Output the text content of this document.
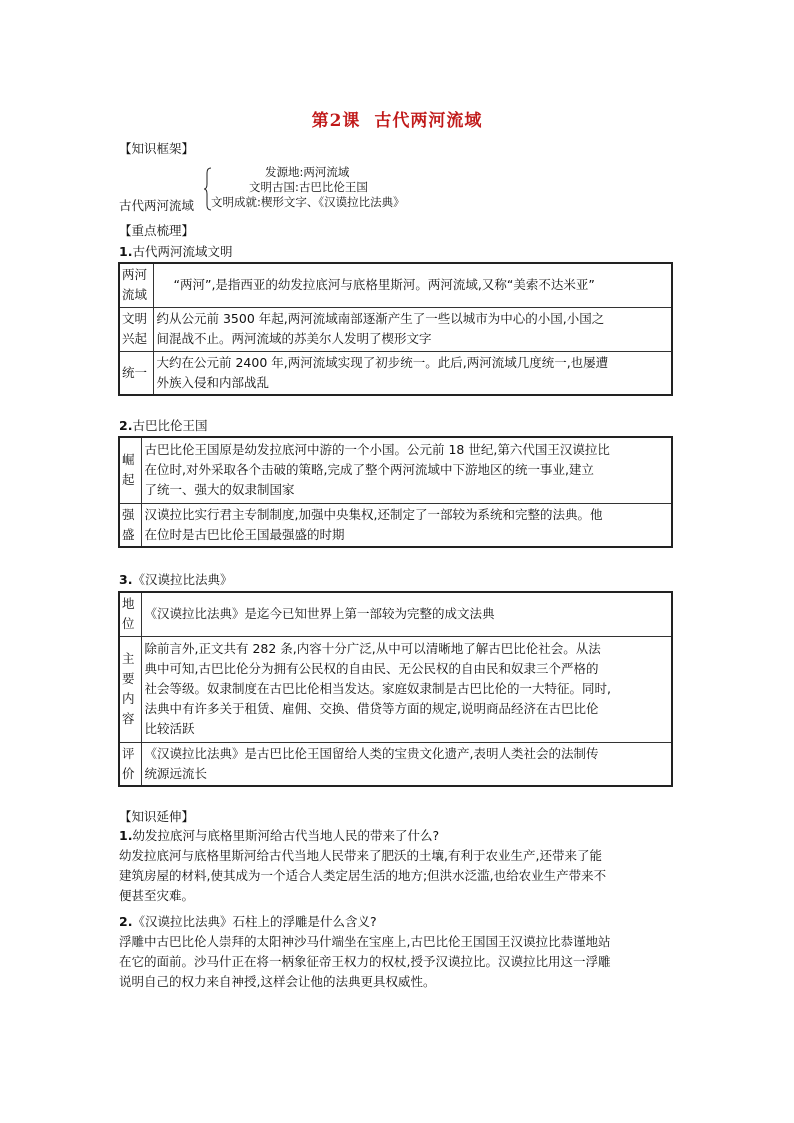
第2课 古代两河流域
【知识框架】
发源地:两河流域
文明古国:古巴比伦王国
文明成就:楔形文字、《汉谟拉比法典》
古代两河流域
【重点梳理】
1.古代两河流域文明
两河
流域	“两河”,是指西亚的幼发拉底河与底格里斯河。两河流域,又称“美索不达米亚”
文明
兴起	约从公元前 3500 年起,两河流域南部逐渐产生了一些以城市为中心的小国,小国之
间混战不止。两河流域的苏美尔人发明了楔形文字
统一	大约在公元前 2400 年,两河流域实现了初步统一。此后,两河流域几度统一,也屡遭
外族入侵和内部战乱
2.古巴比伦王国
崛
起	古巴比伦王国原是幼发拉底河中游的一个小国。公元前 18 世纪,第六代国王汉谟拉比
在位时,对外采取各个击破的策略,完成了整个两河流域中下游地区的统一事业,建立
了统一、强大的奴隶制国家
强
盛	汉谟拉比实行君主专制制度,加强中央集权,还制定了一部较为系统和完整的法典。他
在位时是古巴比伦王国最强盛的时期
3.《汉谟拉比法典》
地
位	《汉谟拉比法典》是迄今已知世界上第一部较为完整的成文法典
主
要
内
容	除前言外,正文共有 282 条,内容十分广泛,从中可以清晰地了解古巴比伦社会。从法
典中可知,古巴比伦分为拥有公民权的自由民、无公民权的自由民和奴隶三个严格的
社会等级。奴隶制度在古巴比伦相当发达。家庭奴隶制是古巴比伦的一大特征。同时,
法典中有许多关于租赁、雇佣、交换、借贷等方面的规定,说明商品经济在古巴比伦
比较活跃
评
价	《汉谟拉比法典》是古巴比伦王国留给人类的宝贵文化遗产,表明人类社会的法制传
统源远流长
【知识延伸】
1.幼发拉底河与底格里斯河给古代当地人民的带来了什么?
幼发拉底河与底格里斯河给古代当地人民带来了肥沃的土壤,有利于农业生产,还带来了能
建筑房屋的材料,使其成为一个适合人类定居生活的地方;但洪水泛滥,也给农业生产带来不
便甚至灾难。
2.《汉谟拉比法典》石柱上的浮雕是什么含义?
浮雕中古巴比伦人崇拜的太阳神沙马什端坐在宝座上,古巴比伦王国国王汉谟拉比恭谨地站
在它的面前。沙马什正在将一柄象征帝王权力的权杖,授予汉谟拉比。汉谟拉比用这一浮雕
说明自己的权力来自神授,这样会让他的法典更具权威性。
